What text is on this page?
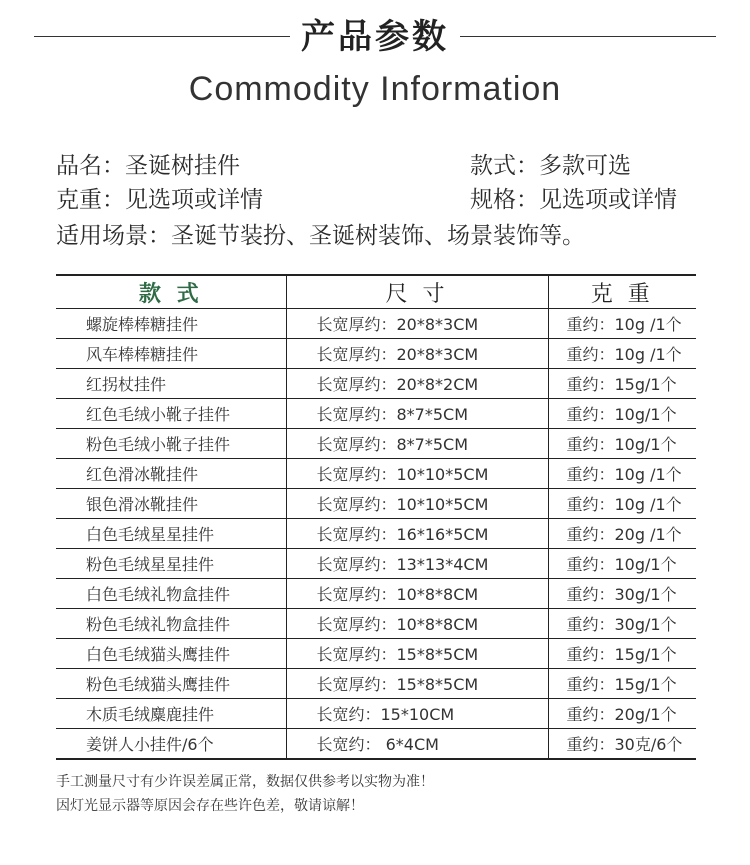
产品参数
Commodity Information
品名：圣诞树挂件	款式：多款可选
克重：见选项或详情	规格：见选项或详情
适用场景：圣诞节装扮、圣诞树装饰、场景装饰等。
款 式	尺 寸	克 重
螺旋棒棒糖挂件	长宽厚约：20*8*3CM	重约：10g /1个
风车棒棒糖挂件	长宽厚约：20*8*3CM	重约：10g /1个
红拐杖挂件	长宽厚约：20*8*2CM	重约：15g/1个
红色毛绒小靴子挂件	长宽厚约：8*7*5CM	重约：10g/1个
粉色毛绒小靴子挂件	长宽厚约：8*7*5CM	重约：10g/1个
红色滑冰靴挂件	长宽厚约：10*10*5CM	重约：10g /1个
银色滑冰靴挂件	长宽厚约：10*10*5CM	重约：10g /1个
白色毛绒星星挂件	长宽厚约：16*16*5CM	重约：20g /1个
粉色毛绒星星挂件	长宽厚约：13*13*4CM	重约：10g/1个
白色毛绒礼物盒挂件	长宽厚约：10*8*8CM	重约：30g/1个
粉色毛绒礼物盒挂件	长宽厚约：10*8*8CM	重约：30g/1个
白色毛绒猫头鹰挂件	长宽厚约：15*8*5CM	重约：15g/1个
粉色毛绒猫头鹰挂件	长宽厚约：15*8*5CM	重约：15g/1个
木质毛绒麋鹿挂件	长宽约：15*10CM	重约：20g/1个
姜饼人小挂件/6个	长宽约： 6*4CM	重约：30克/6个
手工测量尺寸有少许误差属正常，数据仅供参考以实物为准！
因灯光显示器等原因会存在些许色差，敬请谅解！
